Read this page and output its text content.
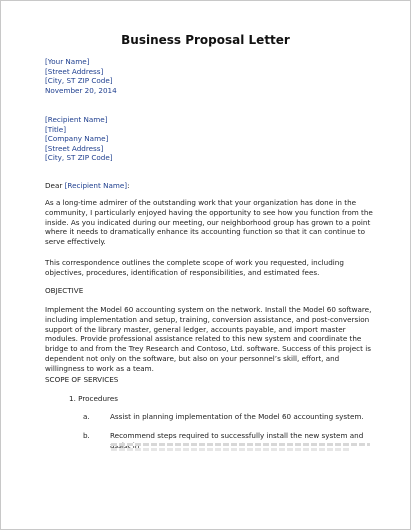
Business Proposal Letter
[Your Name]
[Street Address]
[City, ST ZIP Code]
November 20, 2014
[Recipient Name]
[Title]
[Company Name]
[Street Address]
[City, ST ZIP Code]
Dear [Recipient Name]:
As a long-time admirer of the outstanding work that your organization has done in the community, I particularly enjoyed having the opportunity to see how you function from the inside. As you indicated during our meeting, our neighborhood group has grown to a point where it needs to dramatically enhance its accounting function so that it can continue to serve effectively.
This correspondence outlines the complete scope of work you requested, including objectives, procedures, identification of responsibilities, and estimated fees.
OBJECTIVE
Implement the Model 60 accounting system on the network. Install the Model 60 software, including implementation and setup, training, conversion assistance, and post-conversion support of the library master, general ledger, accounts payable, and import master modules. Provide professional assistance related to this new system and coordinate the bridge to and from the Trey Research and Contoso, Ltd. software. Success of this project is dependent not only on the software, but also on your personnel’s skill, effort, and willingness to work as a team.
SCOPE OF SERVICES
1. Procedures
a.	Assist in planning implementation of the Model 60 accounting system.
b.	Recommend steps required to successfully install the new system and
